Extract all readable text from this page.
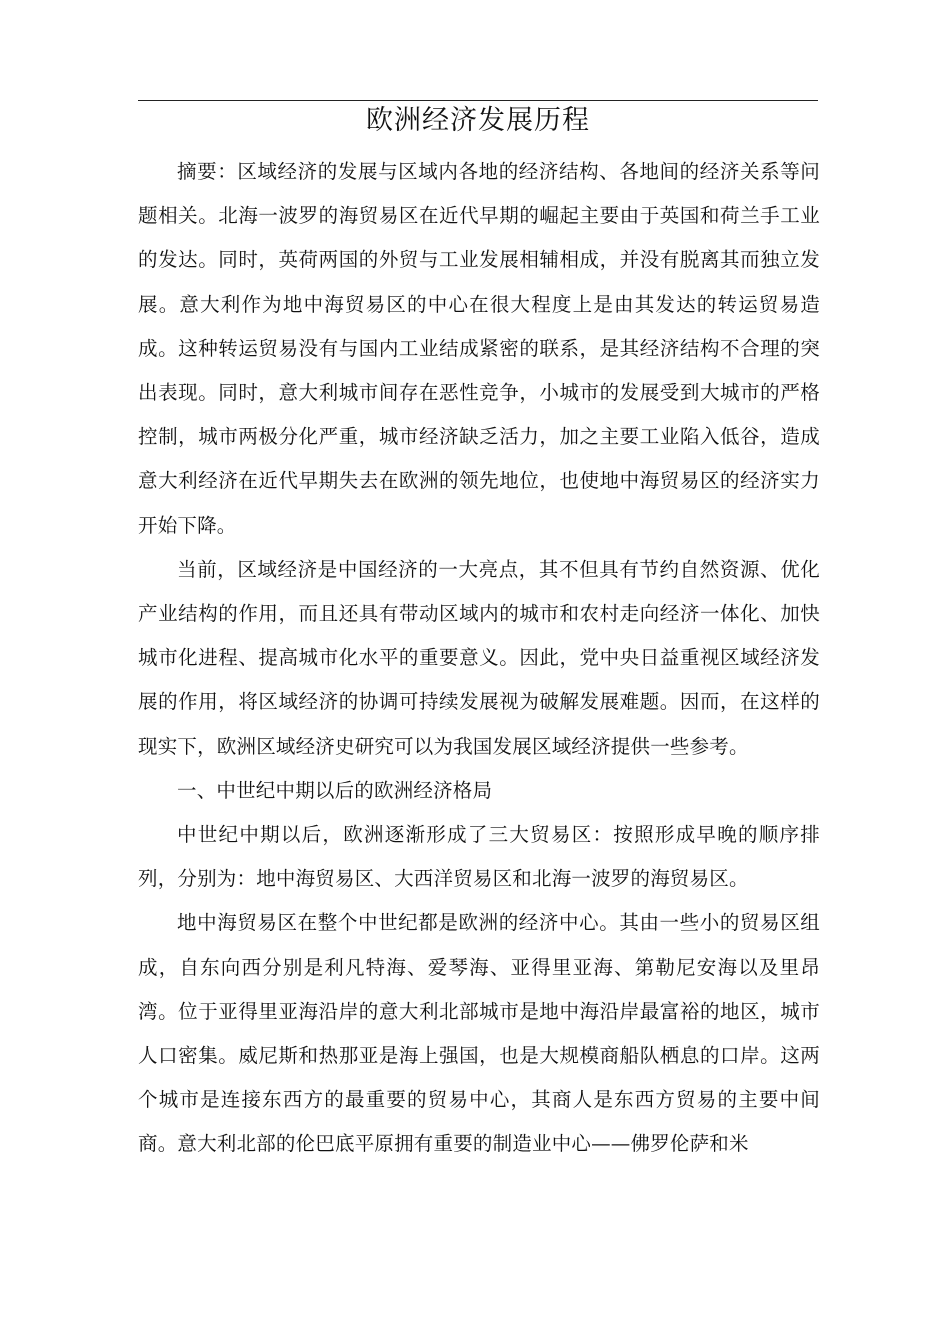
欧洲经济发展历程

摘要：区域经济的发展与区域内各地的经济结构、各地间的经济关系等问题相关。北海一波罗的海贸易区在近代早期的崛起主要由于英国和荷兰手工业的发达。同时，英荷两国的外贸与工业发展相辅相成，并没有脱离其而独立发展。意大利作为地中海贸易区的中心在很大程度上是由其发达的转运贸易造成。这种转运贸易没有与国内工业结成紧密的联系，是其经济结构不合理的突出表现。同时，意大利城市间存在恶性竞争，小城市的发展受到大城市的严格控制，城市两极分化严重，城市经济缺乏活力，加之主要工业陷入低谷，造成意大利经济在近代早期失去在欧洲的领先地位，也使地中海贸易区的经济实力开始下降。

当前，区域经济是中国经济的一大亮点，其不但具有节约自然资源、优化产业结构的作用，而且还具有带动区域内的城市和农村走向经济一体化、加快城市化进程、提高城市化水平的重要意义。因此，党中央日益重视区域经济发展的作用，将区域经济的协调可持续发展视为破解发展难题。因而，在这样的现实下，欧洲区域经济史研究可以为我国发展区域经济提供一些参考。

一、中世纪中期以后的欧洲经济格局

中世纪中期以后，欧洲逐渐形成了三大贸易区：按照形成早晚的顺序排列，分别为：地中海贸易区、大西洋贸易区和北海一波罗的海贸易区。

地中海贸易区在整个中世纪都是欧洲的经济中心。其由一些小的贸易区组成，自东向西分别是利凡特海、爱琴海、亚得里亚海、第勒尼安海以及里昂湾。位于亚得里亚海沿岸的意大利北部城市是地中海沿岸最富裕的地区，城市人口密集。威尼斯和热那亚是海上强国，也是大规模商船队栖息的口岸。这两个城市是连接东西方的最重要的贸易中心，其商人是东西方贸易的主要中间商。意大利北部的伦巴底平原拥有重要的制造业中心——佛罗伦萨和米
